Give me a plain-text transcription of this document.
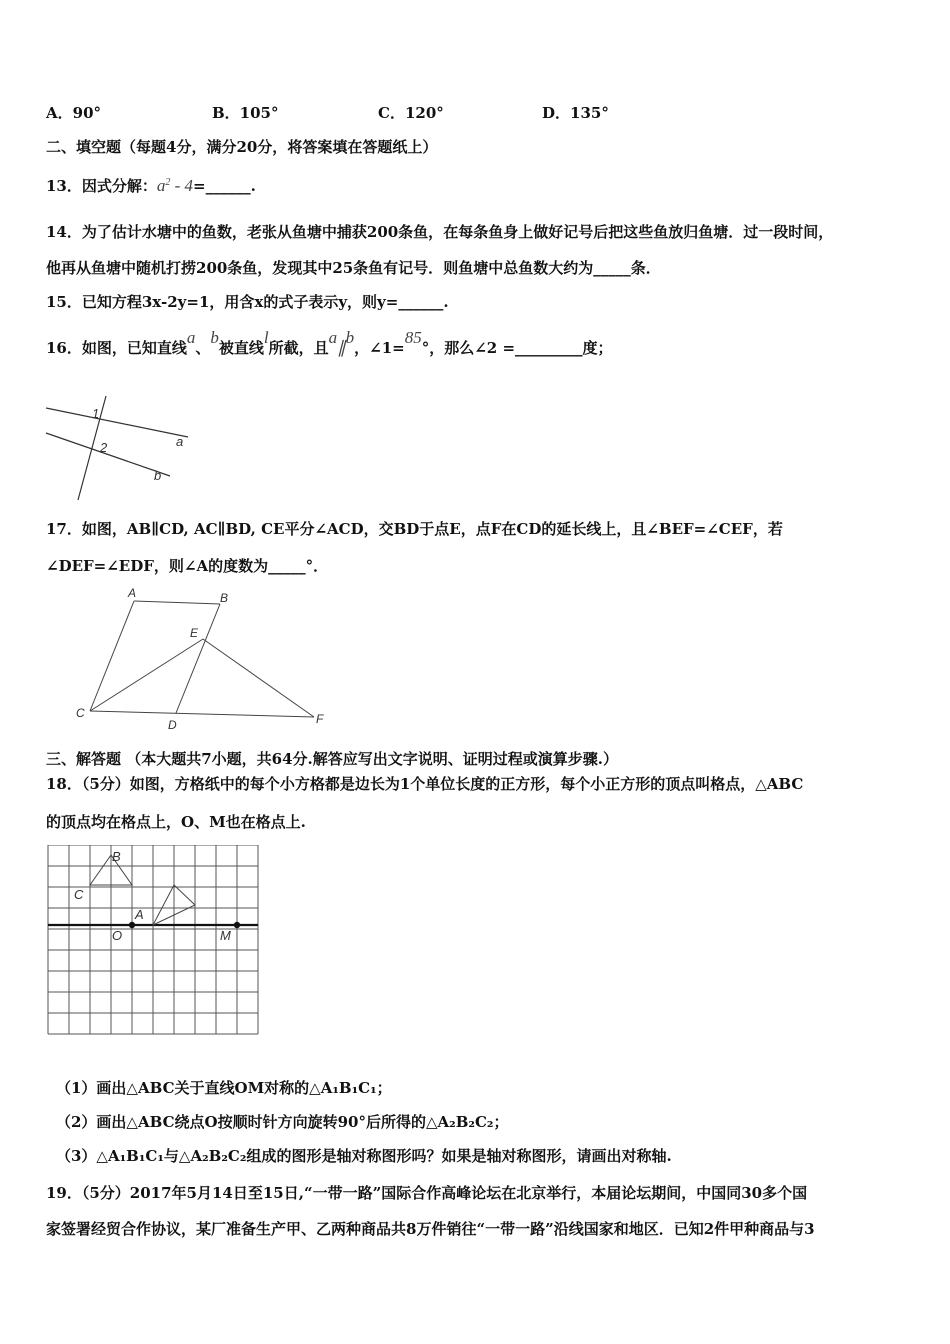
A．90°	B．105°	C．120°	D．135°
二、填空题（每题4分，满分20分，将答案填在答题纸上）
13．因式分解：$a^2$ - 4=______.
14．为了估计水塘中的鱼数，老张从鱼塘中捕获200条鱼，在每条鱼身上做好记号后把这些鱼放归鱼塘．过一段时间，
他再从鱼塘中随机打捞200条鱼，发现其中25条鱼有记号．则鱼塘中总鱼数大约为_____条．
15．已知方程3x-2y=1，用含x的式子表示y，则y=______.
16．如图，已知直线a、b被直线l所截，且a∥b，∠1=85°，那么∠2 =_________度；
1
2	a
b
17．如图，AB∥CD, AC∥BD, CE平分∠ACD，交BD于点E，点F在CD的延长线上，且∠BEF=∠CEF，若
∠DEF=∠EDF，则∠A的度数为_____°．
A	B
E
C
D	F
三、解答题 （本大题共7小题，共64分.解答应写出文字说明、证明过程或演算步骤.）
18．（5分）如图，方格纸中的每个小方格都是边长为1个单位长度的正方形，每个小正方形的顶点叫格点，△ABC
的顶点均在格点上，O、M也在格点上.
B
C
A
O	M
（1）画出△ABC关于直线OM对称的△A₁B₁C₁；
（2）画出△ABC绕点O按顺时针方向旋转90°后所得的△A₂B₂C₂；
（3）△A₁B₁C₁与△A₂B₂C₂组成的图形是轴对称图形吗？如果是轴对称图形，请画出对称轴.
19．（5分）2017年5月14日至15日,“一带一路”国际合作高峰论坛在北京举行，本届论坛期间，中国同30多个国
家签署经贸合作协议，某厂准备生产甲、乙两种商品共8万件销往“一带一路”沿线国家和地区．已知2件甲种商品与3
